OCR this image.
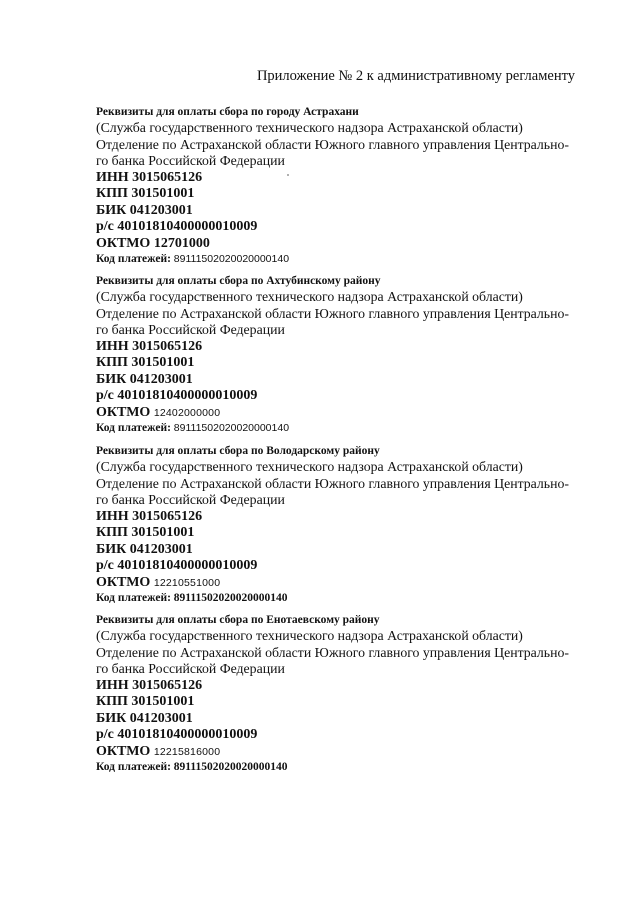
Приложение № 2 к административному регламенту
Реквизиты для оплаты сбора по городу Астрахани
(Служба государственного технического надзора Астраханской области)
Отделение по Астраханской области Южного главного управления Центрально-
го банка Российской Федерации
ИНН 3015065126
КПП 301501001
БИК 041203001
р/с 40101810400000010009
ОКТМО 12701000
Код платежей: 89111502020020000140
Реквизиты для оплаты сбора по Ахтубинскому району
(Служба государственного технического надзора Астраханской области)
Отделение по Астраханской области Южного главного управления Центрально-
го банка Российской Федерации
ИНН 3015065126
КПП 301501001
БИК 041203001
р/с 40101810400000010009
ОКТМО 12402000000
Код платежей: 89111502020020000140
Реквизиты для оплаты сбора по Володарскому району
(Служба государственного технического надзора Астраханской области)
Отделение по Астраханской области Южного главного управления Центрально-
го банка Российской Федерации
ИНН 3015065126
КПП 301501001
БИК 041203001
р/с 40101810400000010009
ОКТМО 12210551000
Код платежей: 89111502020020000140
Реквизиты для оплаты сбора по Енотаевскому району
(Служба государственного технического надзора Астраханской области)
Отделение по Астраханской области Южного главного управления Центрально-
го банка Российской Федерации
ИНН 3015065126
КПП 301501001
БИК 041203001
р/с 40101810400000010009
ОКТМО 12215816000
Код платежей: 89111502020020000140
